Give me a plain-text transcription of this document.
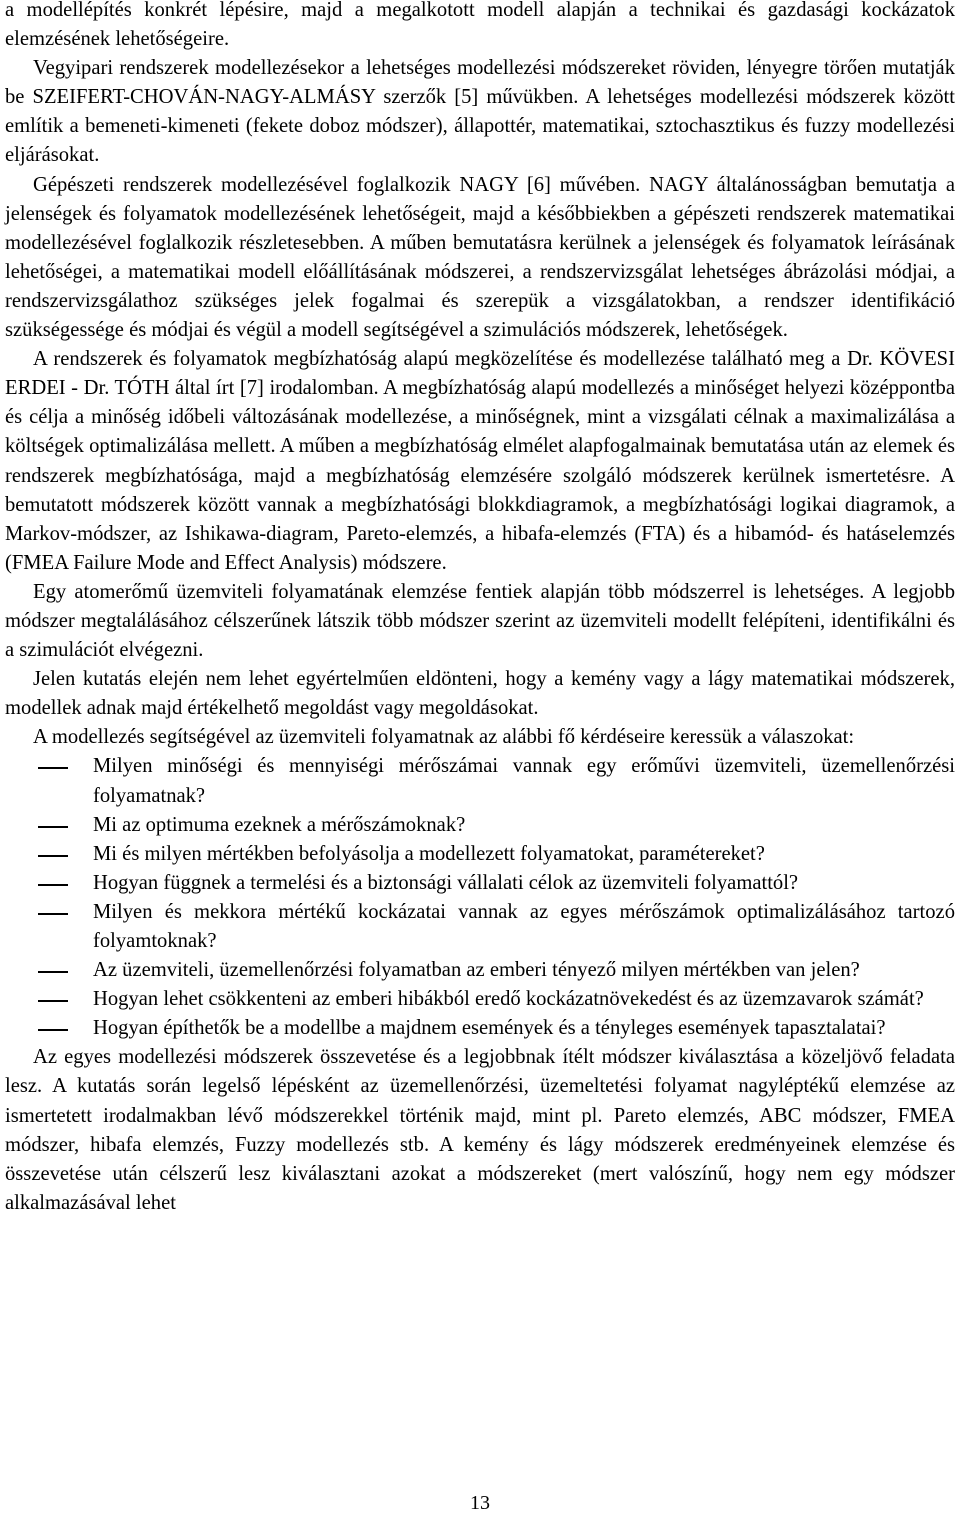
a modellépítés konkrét lépésire, majd a megalkotott modell alapján a technikai és gazdasági kockázatok elemzésének lehetőségeire.

Vegyipari rendszerek modellezésekor a lehetséges modellezési módszereket röviden, lényegre törően mutatják be SZEIFERT-CHOVÁN-NAGY-ALMÁSY szerzők [5] művükben. A lehetséges modellezési módszerek között említik a bemeneti-kimeneti (fekete doboz módszer), állapottér, matematikai, sztochasztikus és fuzzy modellezési eljárásokat.

Gépészeti rendszerek modellezésével foglalkozik NAGY [6] művében. NAGY általánosságban bemutatja a jelenségek és folyamatok modellezésének lehetőségeit, majd a későbbiekben a gépészeti rendszerek matematikai modellezésével foglalkozik részletesebben. A műben bemutatásra kerülnek a jelenségek és folyamatok leírásának lehetőségei, a matematikai modell előállításának módszerei, a rendszervizsgálat lehetséges ábrázolási módjai, a rendszervizsgálathoz szükséges jelek fogalmai és szerepük a vizsgálatokban, a rendszer identifikáció szükségessége és módjai és végül a modell segítségével a szimulációs módszerek, lehetőségek.

A rendszerek és folyamatok megbízhatóság alapú megközelítése és modellezése található meg a Dr. KÖVESI ERDEI - Dr. TÓTH által írt [7] irodalomban. A megbízhatóság alapú modellezés a minőséget helyezi középpontba és célja a minőség időbeli változásának modellezése, a minőségnek, mint a vizsgálati célnak a maximalizálása a költségek optimalizálása mellett. A műben a megbízhatóság elmélet alapfogalmainak bemutatása után az elemek és rendszerek megbízhatósága, majd a megbízhatóság elemzésére szolgáló módszerek kerülnek ismertetésre. A bemutatott módszerek között vannak a megbízhatósági blokkdiagramok, a megbízhatósági logikai diagramok, a Markov-módszer, az Ishikawa-diagram, Pareto-elemzés, a hibafa-elemzés (FTA) és a hibamód- és hatáselemzés (FMEA Failure Mode and Effect Analysis) módszere.

Egy atomerőmű üzemviteli folyamatának elemzése fentiek alapján több módszerrel is lehetséges. A legjobb módszer megtalálásához célszerűnek látszik több módszer szerint az üzemviteli modellt felépíteni, identifikálni és a szimulációt elvégezni.

Jelen kutatás elején nem lehet egyértelműen eldönteni, hogy a kemény vagy a lágy matematikai módszerek, modellek adnak majd értékelhető megoldást vagy megoldásokat.

A modellezés segítségével az üzemviteli folyamatnak az alábbi fő kérdéseire keressük a válaszokat:

Milyen minőségi és mennyiségi mérőszámai vannak egy erőművi üzemviteli, üzemellenőrzési folyamatnak?
Mi az optimuma ezeknek a mérőszámoknak?
Mi és milyen mértékben befolyásolja a modellezett folyamatokat, paramétereket?
Hogyan függnek a termelési és a biztonsági vállalati célok az üzemviteli folyamattól?
Milyen és mekkora mértékű kockázatai vannak az egyes mérőszámok optimalizálásához tartozó folyamtoknak?
Az üzemviteli, üzemellenőrzési folyamatban az emberi tényező milyen mértékben van jelen?
Hogyan lehet csökkenteni az emberi hibákból eredő kockázatnövekedést és az üzemzavarok számát?
Hogyan építhetők be a modellbe a majdnem események és a tényleges események tapasztalatai?

Az egyes modellezési módszerek összevetése és a legjobbnak ítélt módszer kiválasztása a közeljövő feladata lesz. A kutatás során legelső lépésként az üzemellenőrzési, üzemeltetési folyamat nagyléptékű elemzése az ismertetett irodalmakban lévő módszerekkel történik majd, mint pl. Pareto elemzés, ABC módszer, FMEA módszer, hibafa elemzés, Fuzzy modellezés stb. A kemény és lágy módszerek eredményeinek elemzése és összevetése után célszerű lesz kiválasztani azokat a módszereket (mert valószínű, hogy nem egy módszer alkalmazásával lehet

13
